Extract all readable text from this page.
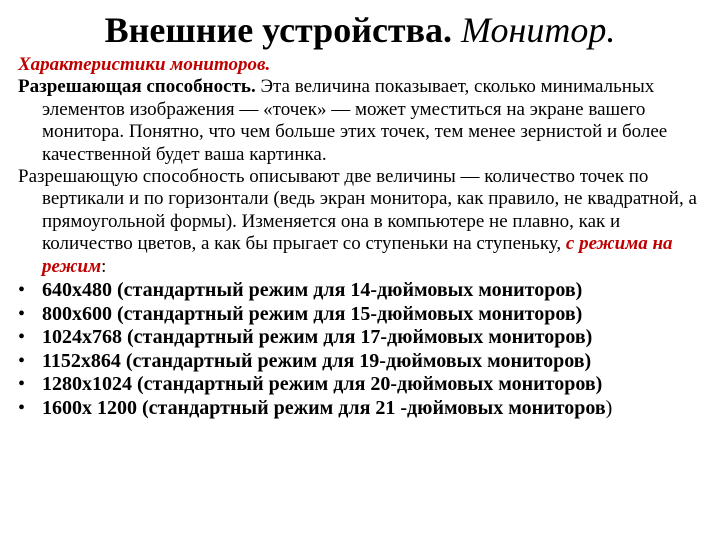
Внешние устройства. Монитор.

Характеристики мониторов.

Разрешающая способность. Эта величина показывает, сколько минимальных элементов изображения — «точек» — может уместиться на экране вашего монитора. Понятно, что чем больше этих точек, тем менее зернистой и более качественной будет ваша картинка.

Разрешающую способность описывают две величины — количество точек по вертикали и по горизонтали (ведь экран монитора, как правило, не квадратной, а прямоугольной формы). Изменяется она в компьютере не плавно, как и количество цветов, а как бы прыгает со ступеньки на ступеньку, с режима на режим:

• 640x480 (стандартный режим для 14-дюймовых мониторов)
• 800x600 (стандартный режим для 15-дюймовых мониторов)
• 1024x768 (стандартный режим для 17-дюймовых мониторов)
• 1152x864 (стандартный режим для 19-дюймовых мониторов)
• 1280x1024 (стандартный режим для 20-дюймовых мониторов)
• 1600x 1200 (стандартный режим для 21 -дюймовых мониторов)
